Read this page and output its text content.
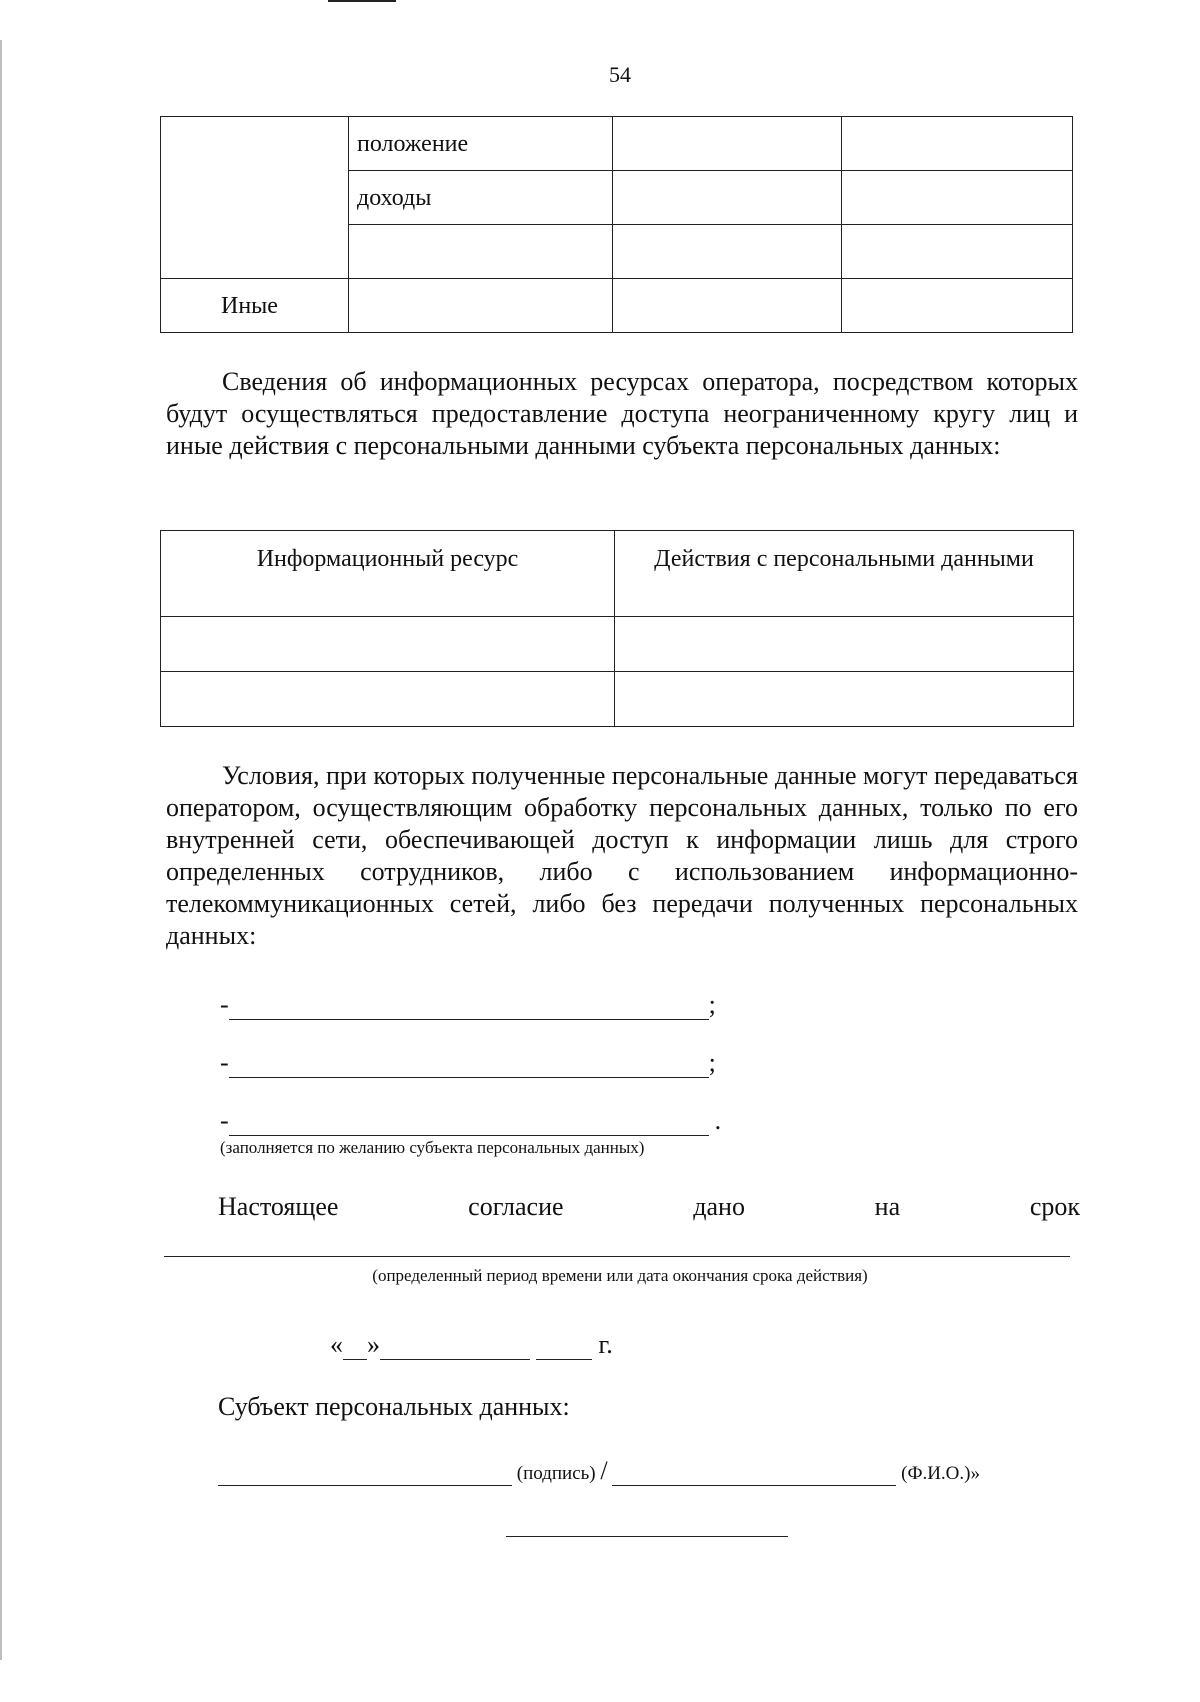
54

	положение		

	доходы		

Иные			

Сведения об информационных ресурсах оператора, посредством которых будут осуществляться предоставление доступа неограниченному кругу лиц и иные действия с персональными данными субъекта персональных данных:

Информационный ресурс	Действия с персональными данными

Условия, при которых полученные персональные данные могут передаваться оператором, осуществляющим обработку персональных данных, только по его внутренней сети, обеспечивающей доступ к информации лишь для строго определенных сотрудников, либо с использованием информационно-телекоммуникационных сетей, либо без передачи полученных персональных данных:

-	;
-	;
-	.
(заполняется по желанию субъекта персональных данных)
Настоящее	согласие	дано	на	срок
(определенный период времени или дата окончания срока действия)
« »	г.
Субъект персональных данных:
(подпись) /	(Ф.И.О.)»
